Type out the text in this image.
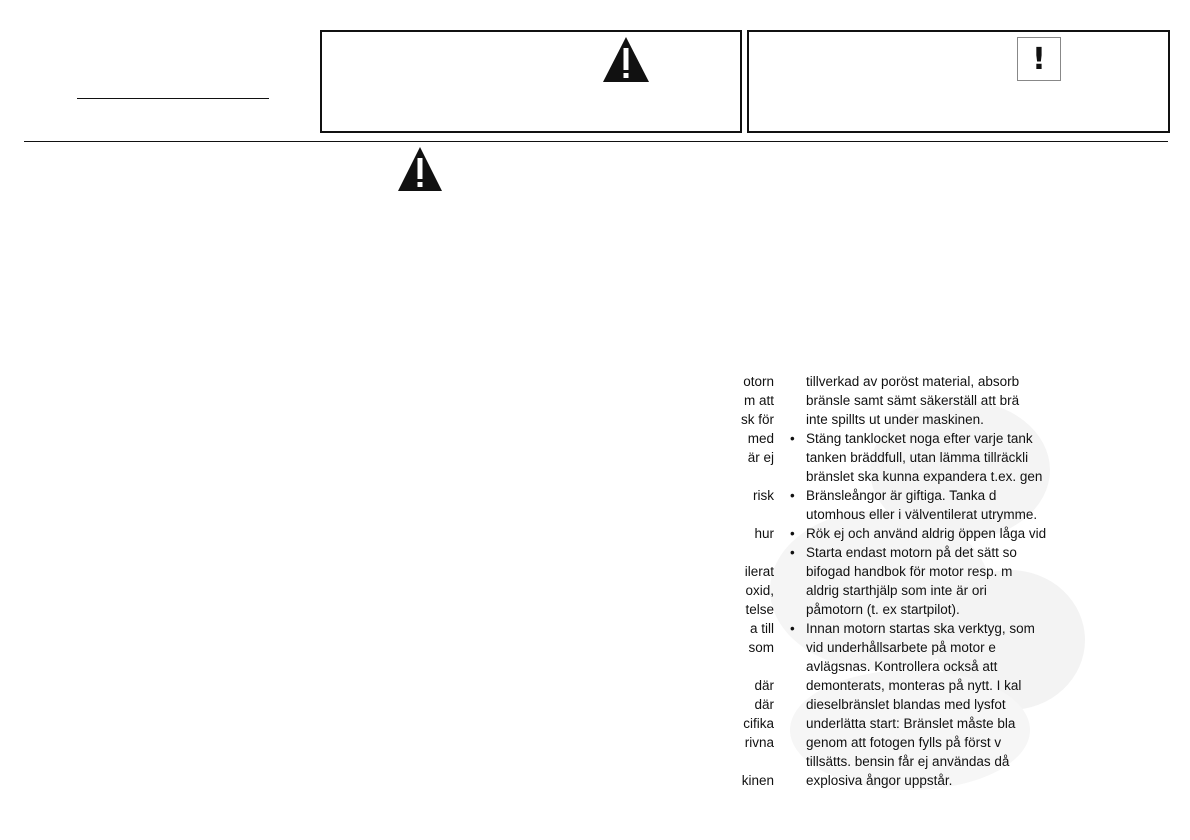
!
otorn
m att
sk för
med
är ej
risk
hur
ilerat
oxid,
telse
a till
som
där
där
cifika
rivna
kinen
tillverkad av poröst material, absorb
bränsle samt sämt säkerställ att brä
inte spillts ut under maskinen.
• Stäng tanklocket noga efter varje tank
tanken bräddfull, utan lämma tillräckli
bränslet ska kunna expandera t.ex. gen
• Bränsleångor är giftiga. Tanka d
utomhous eller i välventilerat utrymme.
• Rök ej och använd aldrig öppen låga vid
• Starta endast motorn på det sätt so
bifogad handbok för motor resp. m
aldrig starthjälp som inte är ori
påmotorn (t. ex startpilot).
• Innan motorn startas ska verktyg, som
vid underhållsarbete på motor e
avlägsnas. Kontrollera också att
demonterats, monteras på nytt. I kal
dieselbränslet blandas med lysfot
underlätta start: Bränslet måste bla
genom att fotogen fylls på först v
tillsätts. bensin får ej användas då
explosiva ångor uppstår.
